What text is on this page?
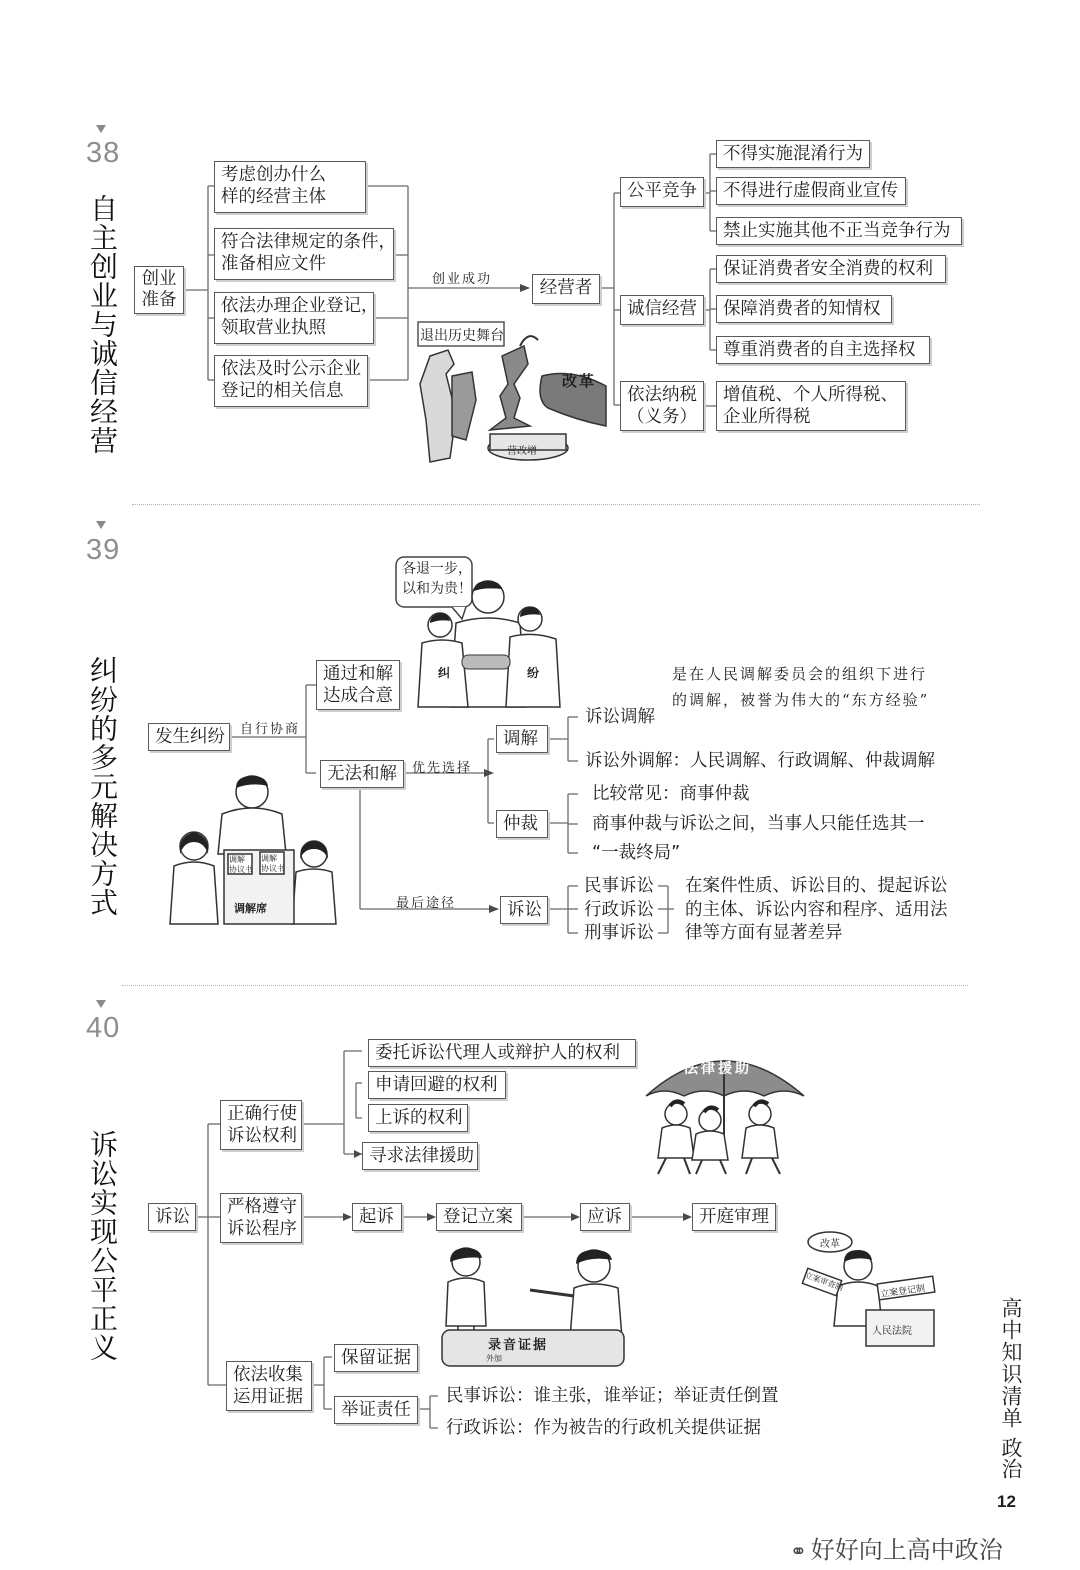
38
自主创业与诚信经营	创业
准备
考虑创办什么
样的经营主体
符合法律规定的条件，
准备相应文件
依法办理企业登记，
领取营业执照
依法及时公示企业
登记的相关信息
创业成功	经营者
公平竞争
不得实施混淆行为
不得进行虚假商业宣传
禁止实施其他不正当竞争行为
诚信经营
保证消费者安全消费的权利
保障消费者的知情权
尊重消费者的自主选择权
依法纳税
（义务）
增值税、个人所得税、
企业所得税
退出历史舞台
改革
营改增
39
纠纷的多元解决方式	发生纠纷	自行协商
通过和解
达成合意
无法和解	优先选择
最后途径
调解
诉讼调解
诉讼外调解：人民调解、行政调解、仲裁调解
是在人民调解委员会的组织下进行
的调解，被誉为伟大的“东方经验”
仲裁
比较常见：商事仲裁
商事仲裁与诉讼之间，当事人只能任选其一
“一裁终局”
诉讼
民事诉讼
行政诉讼
刑事诉讼
在案件性质、诉讼目的、提起诉讼
的主体、诉讼内容和程序、适用法
律等方面有显著差异
各退一步，
以和为贵！
纠	纷
调解席
调解
协议书
调解
协议书
40
诉讼实现公平正义	诉讼
正确行使
诉讼权利
委托诉讼代理人或辩护人的权利
申请回避的权利
上诉的权利
寻求法律援助
严格遵守
诉讼程序
起诉	登记立案	应诉	开庭审理
依法收集
运用证据
保留证据
举证责任
民事诉讼：谁主张，谁举证；举证责任倒置
行政诉讼：作为被告的行政机关提供证据
法律援助
录音证据
外加
改革
立案审查制	立案登记制
人民法院	高中知识清单
政治
12
⚭ 好好向上高中政治
